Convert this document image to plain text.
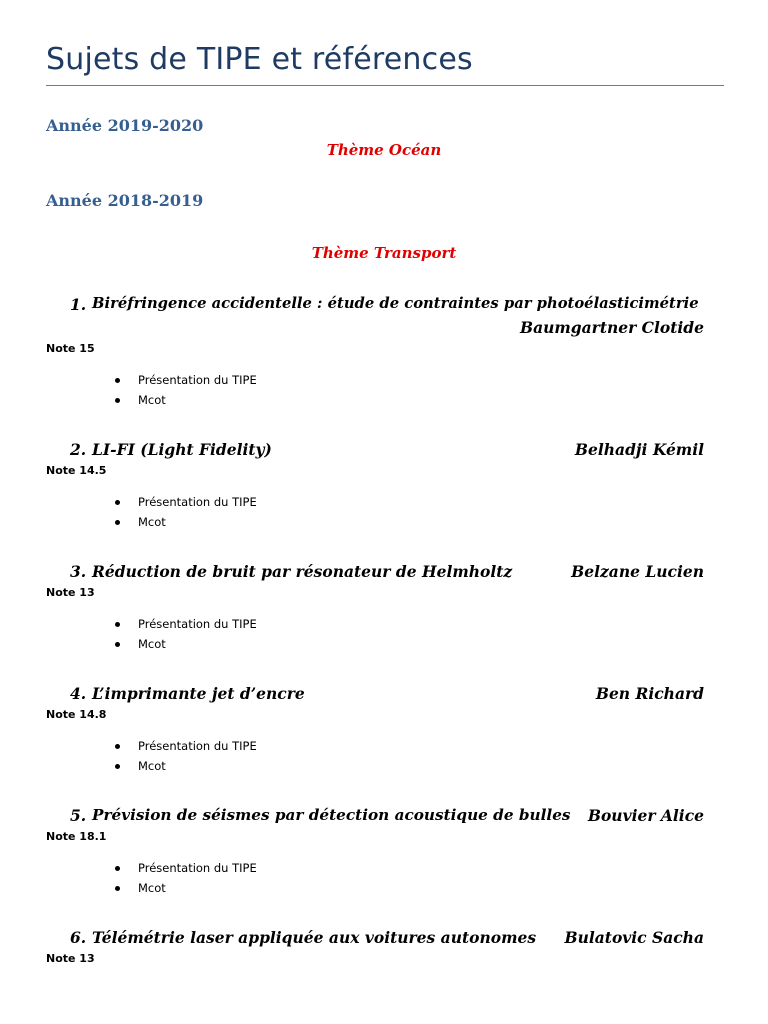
Sujets de TIPE et références
Année 2019-2020
Thème Océan
Année 2018-2019
Thème Transport
1. Biréfringence accidentelle : étude de contraintes par photoélasticimétrie
Baumgartner Clotide
Note 15
Présentation du TIPE
Mcot
2. LI-FI (Light Fidelity)	Belhadji Kémil
Note 14.5
Présentation du TIPE
Mcot
3. Réduction de bruit par résonateur de Helmholtz	Belzane Lucien
Note 13
Présentation du TIPE
Mcot
4. L’imprimante jet d’encre	Ben Richard
Note 14.8
Présentation du TIPE
Mcot
5. Prévision de séismes par détection acoustique de bulles Bouvier Alice
Note 18.1
Présentation du TIPE
Mcot
6. Télémétrie laser appliquée aux voitures autonomes Bulatovic Sacha
Note 13
